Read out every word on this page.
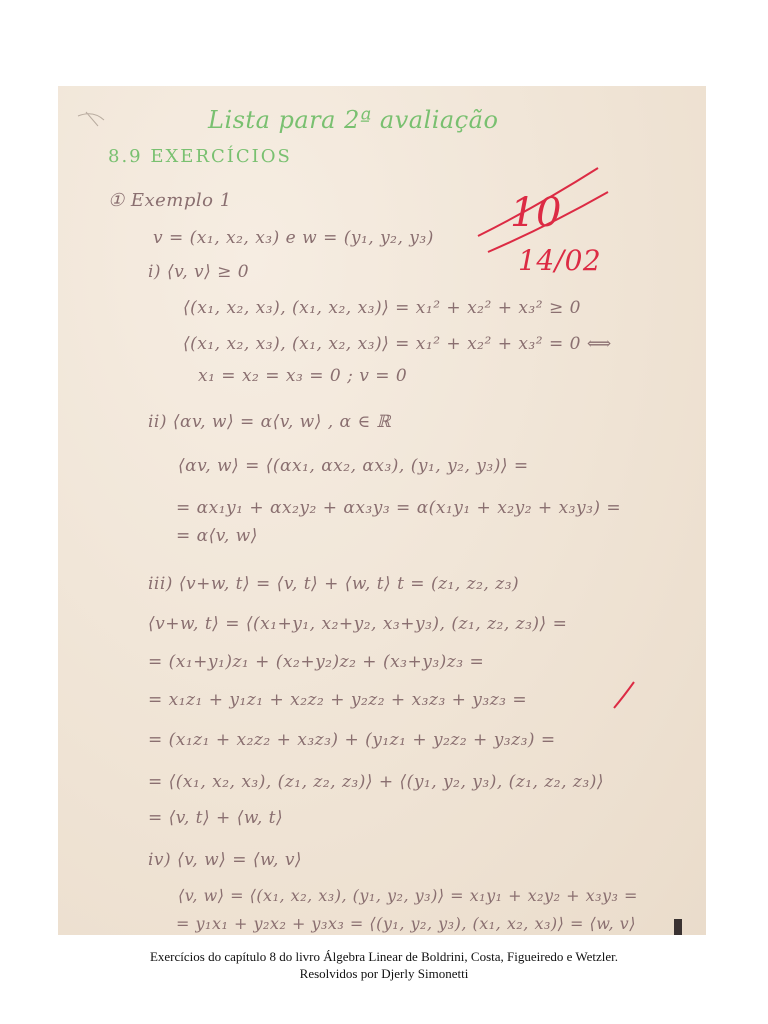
Lista para 2ª avaliação
8.9 EXERCÍCIOS
10
14/02
① Exemplo 1
v = (x₁, x₂, x₃) e w = (y₁, y₂, y₃)
i) ⟨v, v⟩ ≥ 0
⟨(x₁, x₂, x₃), (x₁, x₂, x₃)⟩ = x₁² + x₂² + x₃² ≥ 0
⟨(x₁, x₂, x₃), (x₁, x₂, x₃)⟩ = x₁² + x₂² + x₃² = 0 ⟺
x₁ = x₂ = x₃ = 0 ; v = 0
ii) ⟨αv, w⟩ = α⟨v, w⟩ , α ∈ ℝ
⟨αv, w⟩ = ⟨(αx₁, αx₂, αx₃), (y₁, y₂, y₃)⟩ =
= αx₁y₁ + αx₂y₂ + αx₃y₃ = α(x₁y₁ + x₂y₂ + x₃y₃) =
= α⟨v, w⟩
iii) ⟨v+w, t⟩ = ⟨v, t⟩ + ⟨w, t⟩ t = (z₁, z₂, z₃)
⟨v+w, t⟩ = ⟨(x₁+y₁, x₂+y₂, x₃+y₃), (z₁, z₂, z₃)⟩ =
= (x₁+y₁)z₁ + (x₂+y₂)z₂ + (x₃+y₃)z₃ =
= x₁z₁ + y₁z₁ + x₂z₂ + y₂z₂ + x₃z₃ + y₃z₃ =
= (x₁z₁ + x₂z₂ + x₃z₃) + (y₁z₁ + y₂z₂ + y₃z₃) =
= ⟨(x₁, x₂, x₃), (z₁, z₂, z₃)⟩ + ⟨(y₁, y₂, y₃), (z₁, z₂, z₃)⟩
= ⟨v, t⟩ + ⟨w, t⟩
iv) ⟨v, w⟩ = ⟨w, v⟩
⟨v, w⟩ = ⟨(x₁, x₂, x₃), (y₁, y₂, y₃)⟩ = x₁y₁ + x₂y₂ + x₃y₃ =
= y₁x₁ + y₂x₂ + y₃x₃ = ⟨(y₁, y₂, y₃), (x₁, x₂, x₃)⟩ = ⟨w, v⟩
Exercícios do capítulo 8 do livro Álgebra Linear de Boldrini, Costa, Figueiredo e Wetzler.
Resolvidos por Djerly Simonetti
